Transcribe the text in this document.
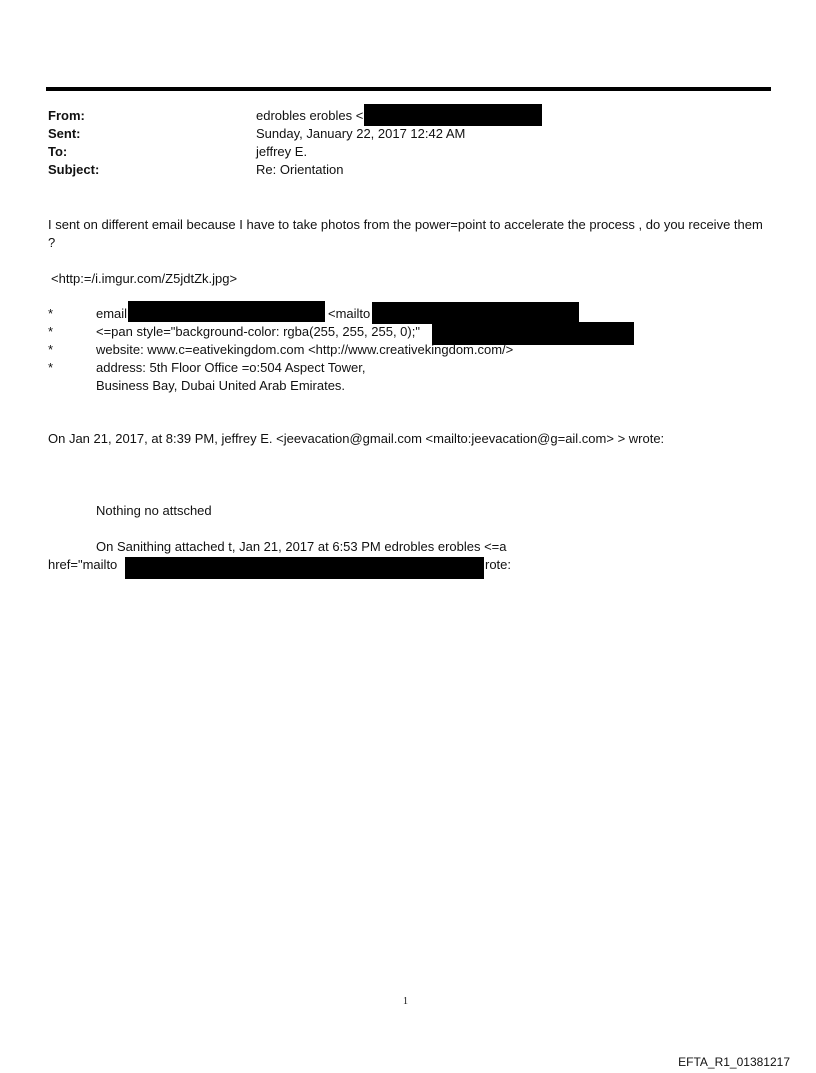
From:	edrobles erobles <
Sent:	Sunday, January 22, 2017 12:42 AM
To:	jeffrey E.
Subject:	Re: Orientation
I sent on different email because I have to take photos from the power=point to accelerate the process , do you receive them ?
<http:=/i.imgur.com/Z5jdtZk.jpg>
*	email	<mailto
*	<=pan style="background-color: rgba(255, 255, 255, 0);"
*	website: www.c=eativekingdom.com <http://www.creativekingdom.com/>
*	address: 5th Floor Office =o:504 Aspect Tower,
Business Bay, Dubai United Arab Emirates.
On Jan 21, 2017, at 8:39 PM, jeffrey E. <jeevacation@gmail.com <mailto:jeevacation@g=ail.com> > wrote:
Nothing no attsched
On Sanithing attached t, Jan 21, 2017 at 6:53 PM edrobles erobles <=a
href="mailto	rote:
1
EFTA_R1_01381217
